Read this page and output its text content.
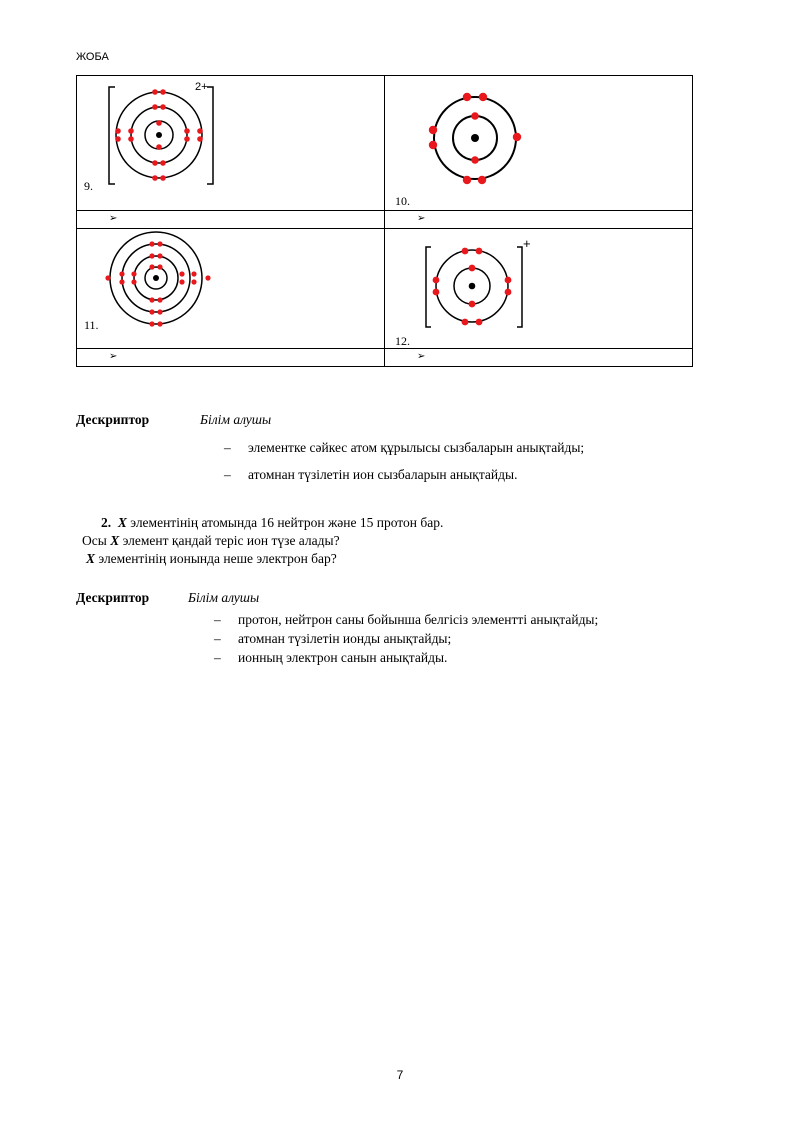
ЖОБА
2+
9.
➢
10.
➢
11.
➢
+
12.
➢
Дескриптор	Білім алушы
– элементке сәйкес атом құрылысы сызбаларын анықтайды;
– атомнан түзілетін ион сызбаларын анықтайды.
2. X элементінің атомында 16 нейтрон және 15 протон бар.
Осы X элемент қандай теріс ион түзе алады?
X элементінің ионында неше электрон бар?
Дескриптор	Білім алушы
– протон, нейтрон саны бойынша белгісіз элементті анықтайды;
– атомнан түзілетін ионды анықтайды;
– ионның электрон санын анықтайды.
7
